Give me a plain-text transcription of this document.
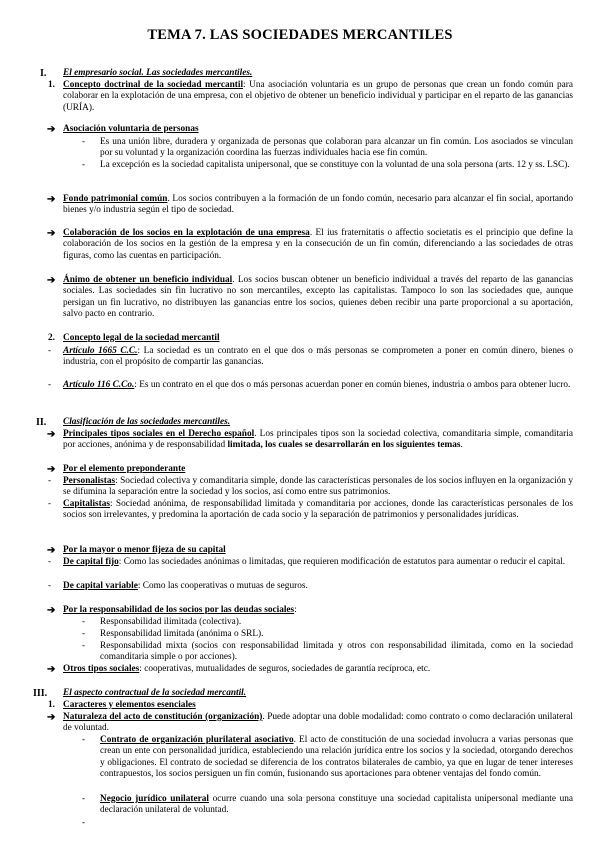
TEMA 7. LAS SOCIEDADES MERCANTILES
I. El empresario social. Las sociedades mercantiles.
1. Concepto doctrinal de la sociedad mercantil: Una asociación voluntaria es un grupo de personas que crean un fondo común para colaborar en la explotación de una empresa, con el objetivo de obtener un beneficio individual y participar en el reparto de las ganancias (URÍA).
➔ Asociación voluntaria de personas
- Es una unión libre, duradera y organizada de personas que colaboran para alcanzar un fin común. Los asociados se vinculan por su voluntad y la organización coordina las fuerzas individuales hacia ese fin común.
- La excepción es la sociedad capitalista unipersonal, que se constituye con la voluntad de una sola persona (arts. 12 y ss. LSC).
➔ Fondo patrimonial común. Los socios contribuyen a la formación de un fondo común, necesario para alcanzar el fin social, aportando bienes y/o industria según el tipo de sociedad.
➔ Colaboración de los socios en la explotación de una empresa. El ius fraternitatis o affectio societatis es el principio que define la colaboración de los socios en la gestión de la empresa y en la consecución de un fin común, diferenciando a las sociedades de otras figuras, como las cuentas en participación.
➔ Ánimo de obtener un beneficio individual. Los socios buscan obtener un beneficio individual a través del reparto de las ganancias sociales. Las sociedades sin fin lucrativo no son mercantiles, excepto las capitalistas. Tampoco lo son las sociedades que, aunque persigan un fin lucrativo, no distribuyen las ganancias entre los socios, quienes deben recibir una parte proporcional a su aportación, salvo pacto en contrario.
2. Concepto legal de la sociedad mercantil
- Artículo 1665 C.C.: La sociedad es un contrato en el que dos o más personas se comprometen a poner en común dinero, bienes o industria, con el propósito de compartir las ganancias.
- Artículo 116 C.Co.: Es un contrato en el que dos o más personas acuerdan poner en común bienes, industria o ambos para obtener lucro.
II. Clasificación de las sociedades mercantiles.
➔ Principales tipos sociales en el Derecho español. Los principales tipos son la sociedad colectiva, comanditaria simple, comanditaria por acciones, anónima y de responsabilidad limitada, los cuales se desarrollarán en los siguientes temas.
➔ Por el elemento preponderante
- Personalistas: Sociedad colectiva y comanditaria simple, donde las características personales de los socios influyen en la organización y se difumina la separación entre la sociedad y los socios, así como entre sus patrimonios.
- Capitalistas: Sociedad anónima, de responsabilidad limitada y comanditaria por acciones, donde las características personales de los socios son irrelevantes, y predomina la aportación de cada socio y la separación de patrimonios y personalidades jurídicas.
➔ Por la mayor o menor fijeza de su capital
- De capital fijo: Como las sociedades anónimas o limitadas, que requieren modificación de estatutos para aumentar o reducir el capital.
- De capital variable: Como las cooperativas o mutuas de seguros.
➔ Por la responsabilidad de los socios por las deudas sociales:
- Responsabilidad ilimitada (colectiva).
- Responsabilidad limitada (anónima o SRL).
- Responsabilidad mixta (socios con responsabilidad limitada y otros con responsabilidad ilimitada, como en la sociedad comanditaria simple o por acciones).
➔ Otros tipos sociales: cooperativas, mutualidades de seguros, sociedades de garantía recíproca, etc.
III. El aspecto contractual de la sociedad mercantil.
1. Caracteres y elementos esenciales
➔ Naturaleza del acto de constitución (organización). Puede adoptar una doble modalidad: como contrato o como declaración unilateral de voluntad.
- Contrato de organización plurilateral asociativo. El acto de constitución de una sociedad involucra a varias personas que crean un ente con personalidad jurídica, estableciendo una relación jurídica entre los socios y la sociedad, otorgando derechos y obligaciones. El contrato de sociedad se diferencia de los contratos bilaterales de cambio, ya que en lugar de tener intereses contrapuestos, los socios persiguen un fin común, fusionando sus aportaciones para obtener ventajas del fondo común.
- Negocio jurídico unilateral ocurre cuando una sola persona constituye una sociedad capitalista unipersonal mediante una declaración unilateral de voluntad.
-
